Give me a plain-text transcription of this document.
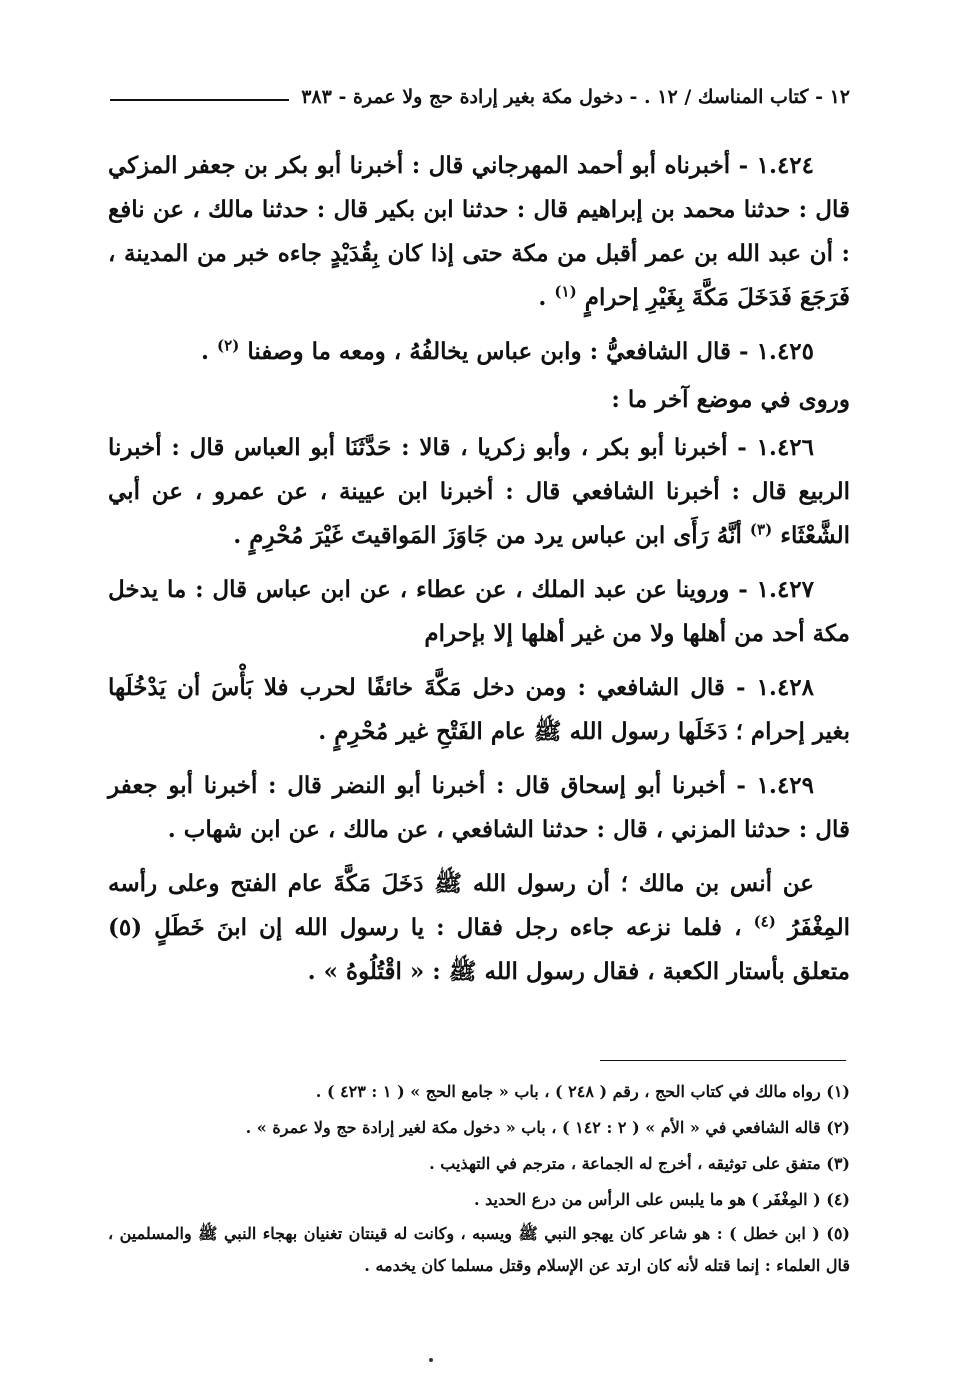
١٢ - كتاب المناسك / ١٢ . - دخول مكة بغير إرادة حج ولا عمرة - ٣٨٣

١.٤٢٤ - أخبرناه أبو أحمد المهرجاني قال : أخبرنا أبو بكر بن جعفر المزكي قال : حدثنا محمد بن إبراهيم قال : حدثنا ابن بكير قال : حدثنا مالك ، عن نافع : أن عبد الله بن عمر أقبل من مكة حتى إذا كان بِقُدَيْدٍ جاءه خبر من المدينة ، فَرَجَعَ فَدَخَلَ مَكَّةَ بِغَيْرِ إحرامٍ $^{(١)}$ .

١.٤٢٥ - قال الشافعيُّ : وابن عباس يخالفُهُ ، ومعه ما وصفنا $^{(٢)}$ .

وروى في موضع آخر ما :

١.٤٢٦ - أخبرنا أبو بكر ، وأبو زكريا ، قالا : حَدَّثَنَا أبو العباس قال : أخبرنا الربيع قال : أخبرنا الشافعي قال : أخبرنا ابن عيينة ، عن عمرو ، عن أبي الشَّعْثَاء $^{(٣)}$ أنَّهُ رَأَى ابن عباس يرد من جَاوَزَ المَواقيتَ غَيْرَ مُحْرِمٍ .

١.٤٢٧ - وروينا عن عبد الملك ، عن عطاء ، عن ابن عباس قال : ما يدخل مكة أحد من أهلها ولا من غير أهلها إلا بإحرام

١.٤٢٨ - قال الشافعي : ومن دخل مَكَّةَ خائفًا لحرب فلا بَأْسَ أن يَدْخُلَها بغير إحرام ؛ دَخَلَها رسول الله ﷺ عام الفَتْحِ غير مُحْرِمٍ .

١.٤٢٩ - أخبرنا أبو إسحاق قال : أخبرنا أبو النضر قال : أخبرنا أبو جعفر قال : حدثنا المزني ، قال : حدثنا الشافعي ، عن مالك ، عن ابن شهاب .

عن أنس بن مالك ؛ أن رسول الله ﷺ دَخَلَ مَكَّةَ عام الفتح وعلى رأسه المِغْفَرُ $^{(٤)}$ ، فلما نزعه جاءه رجل فقال : يا رسول الله إن ابنَ خَطَلٍ (٥) متعلق بأستار الكعبة ، فقال رسول الله ﷺ : « اقْتُلُوهُ » .

(١) رواه مالك في كتاب الحج ، رقم ( ٢٤٨ ) ، باب « جامع الحج » ( ١ : ٤٢٣ ) .

(٢) قاله الشافعي في « الأم » ( ٢ : ١٤٢ ) ، باب « دخول مكة لغير إرادة حج ولا عمرة » .

(٣) متفق على توثيقه ، أخرج له الجماعة ، مترجم في التهذيب .

(٤) ( المِغْفَر ) هو ما يلبس على الرأس من درع الحديد .

(٥) ( ابن خطل ) : هو شاعر كان يهجو النبي ﷺ ويسبه ، وكانت له قينتان تغنيان بهجاء النبي ﷺ والمسلمين ، قال العلماء : إنما قتله لأنه كان ارتد عن الإسلام وقتل مسلما كان يخدمه .
